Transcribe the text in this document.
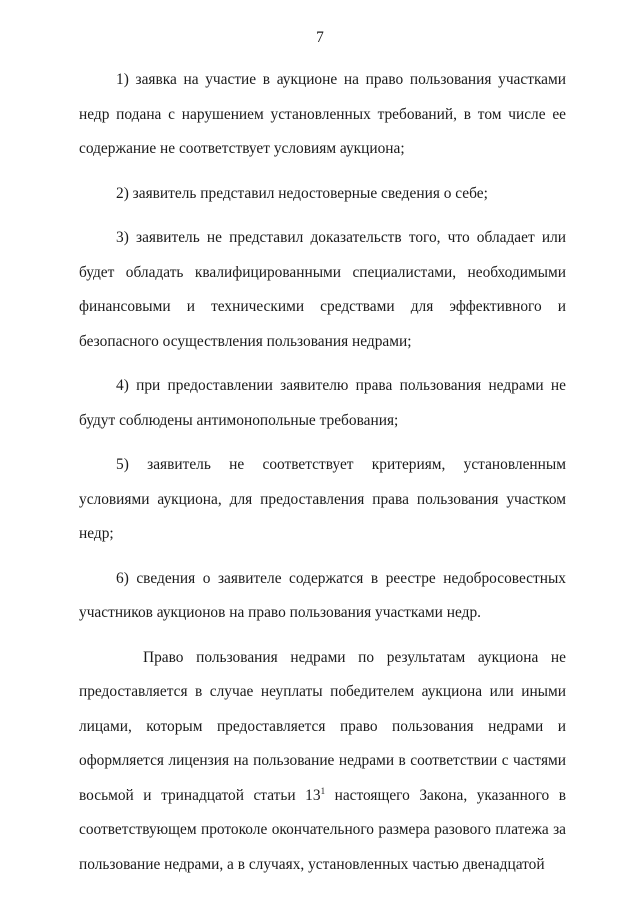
7

1) заявка на участие в аукционе на право пользования участками недр подана с нарушением установленных требований, в том числе ее содержание не соответствует условиям аукциона;

2) заявитель представил недостоверные сведения о себе;

3) заявитель не представил доказательств того, что обладает или будет обладать квалифицированными специалистами, необходимыми финансовыми и техническими средствами для эффективного и безопасного осуществления пользования недрами;

4) при предоставлении заявителю права пользования недрами не будут соблюдены антимонопольные требования;

5) заявитель не соответствует критериям, установленным условиями аукциона, для предоставления права пользования участком недр;

6) сведения о заявителе содержатся в реестре недобросовестных участников аукционов на право пользования участками недр.

Право пользования недрами по результатам аукциона не предоставляется в случае неуплаты победителем аукциона или иными лицами, которым предоставляется право пользования недрами и оформляется лицензия на пользование недрами в соответствии с частями восьмой и тринадцатой статьи $13^1$ настоящего Закона, указанного в соответствующем протоколе окончательного размера разового платежа за пользование недрами, а в случаях, установленных частью двенадцатой
